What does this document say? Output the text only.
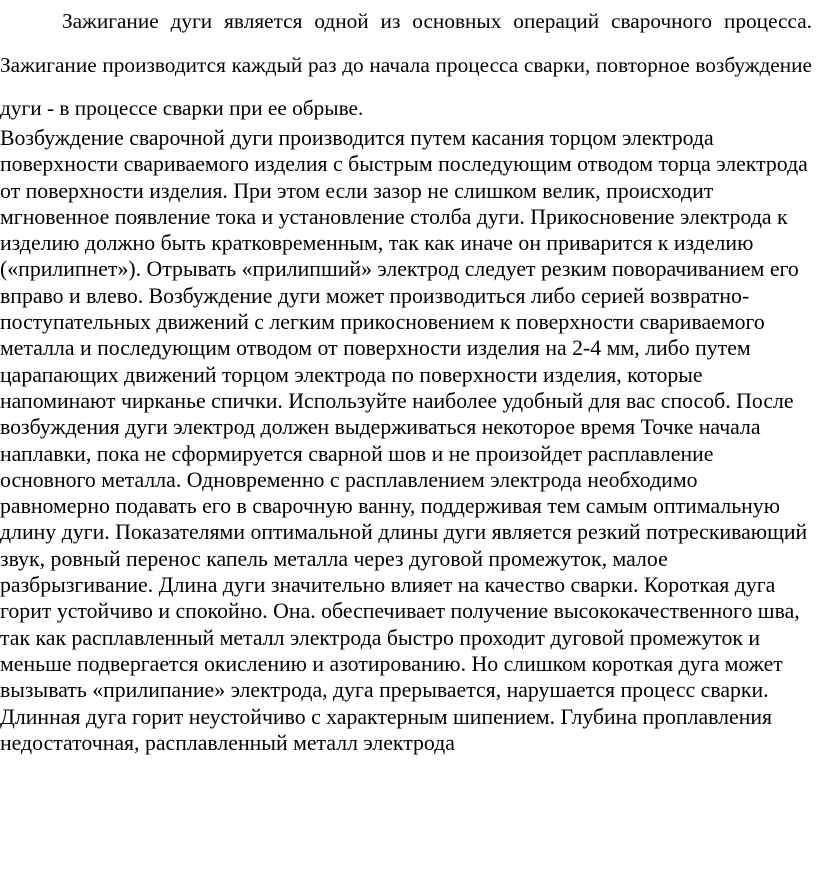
Зажигание дуги является одной из основных операций сварочного процесса. Зажигание производится каждый раз до начала процесса сварки, повторное возбуждение дуги - в процессе сварки при ее обрыве.

Возбуждение сварочной дуги производится путем касания торцом электрода поверхности свариваемого изделия с быстрым последующим отводом торца электрода от поверхности изделия. При этом если зазор не слишком велик, происходит мгновенное появление тока и установление столба дуги. Прикосновение электрода к изделию должно быть кратковременным, так как иначе он приварится к изделию («прилипнет»). Отрывать «прилипший» электрод следует резким поворачиванием его вправо и влево. Возбуждение дуги может производиться либо серией возвратно-поступательных движений с легким прикосновением к поверхности свариваемого металла и последующим отводом от поверхности изделия на 2-4 мм, либо путем царапающих движений торцом электрода по поверхности изделия, которые напоминают чирканье спички. Используйте наиболее удобный для вас способ. После возбуждения дуги электрод должен выдерживаться некоторое время Точке начала наплавки, пока не сформируется сварной шов и не произойдет расплавление основного металла. Одновременно с расплавлением электрода необходимо равномерно подавать его в сварочную ванну, поддерживая тем самым оптимальную длину дуги. Показателями оптимальной длины дуги является резкий потрескивающий звук, ровный перенос капель металла через дуговой промежуток, малое разбрызгивание. Длина дуги значительно влияет на качество сварки. Короткая дуга горит устойчиво и спокойно. Она. обеспечивает получение высококачественного шва, так как расплавленный металл электрода быстро проходит дуговой промежуток и меньше подвергается окислению и азотированию. Но слишком короткая дуга может вызывать «прилипание» электрода, дуга прерывается, нарушается процесс сварки. Длинная дуга горит неустойчиво с характерным шипением. Глубина проплавления недостаточная, расплавленный металл электрода
